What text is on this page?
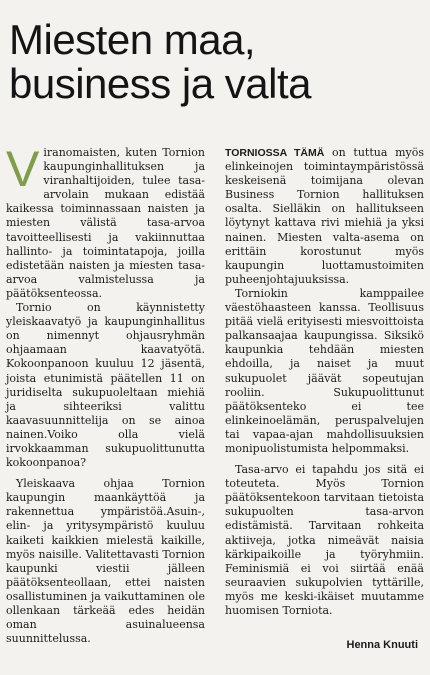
Miesten maa,
business ja valta

Viranomaisten, kuten Tornion kaupunginhallituksen ja viranhaltijoiden, tulee tasa-arvolain mukaan edistää kaikessa toiminnassaan naisten ja miesten välistä tasa-arvoa tavoitteellisesti ja vakiinnuttaa hallinto- ja toimintatapoja, joilla edistetään naisten ja miesten tasa-arvoa valmistelussa ja päätöksenteossa.

Tornio on käynnistetty yleiskaavatyö ja kaupunginhallitus on nimennyt ohjausryhmän ohjaamaan kaavatyötä. Kokoonpanoon kuuluu 12 jäsentä, joista etunimistä päätellen 11 on juridiselta sukupuoleltaan miehiä ja sihteeriksi valittu kaavasuunnittelija on se ainoa nainen.Voiko olla vielä irvokkaamman sukupuolittunutta kokoonpanoa?

Yleiskaava ohjaa Tornion kaupungin maankäyttöä ja rakennettua ympäristöä.Asuin-, elin- ja yritysympäristö kuuluu kaiketi kaikkien mielestä kaikille, myös naisille. Valitettavasti Tornion kaupunki viestii jälleen päätöksenteollaan, ettei naisten osallistuminen ja vaikuttaminen ole ollenkaan tärkeää edes heidän oman asuinalueensa suunnittelussa.

TORNIOSSA TÄMÄ on tuttua myös elinkeinojen toimintaympäristössä keskeisenä toimijana olevan Business Tornion hallituksen osalta. Sielläkin on hallitukseen löytynyt kattava rivi miehiä ja yksi nainen. Miesten valta-asema on erittäin korostunut myös kaupungin luottamustoimiten puheenjohtajuuksissa.

Torniokin kamppailee väestöhaasteen kanssa. Teollisuus pitää vielä erityisesti miesvoittoista palkansaajaa kaupungissa. Siksikö kaupunkia tehdään miesten ehdoilla, ja naiset ja muut sukupuolet jäävät sopeutujan rooliin. Sukupuolittunut päätöksenteko ei tee elinkeinoelämän, peruspalvelujen tai vapaa-ajan mahdollisuuksien monipuolistumista helpommaksi.

Tasa-arvo ei tapahdu jos sitä ei toteuteta. Myös Tornion päätöksentekoon tarvitaan tietoista sukupuolten tasa-arvon edistämistä. Tarvitaan rohkeita aktiiveja, jotka nimeävät naisia kärkipaikoille ja työryhmiin. Feminismiä ei voi siirtää enää seuraavien sukupolvien tyttärille, myös me keski-ikäiset muutamme huomisen Torniota.

Henna Knuuti
